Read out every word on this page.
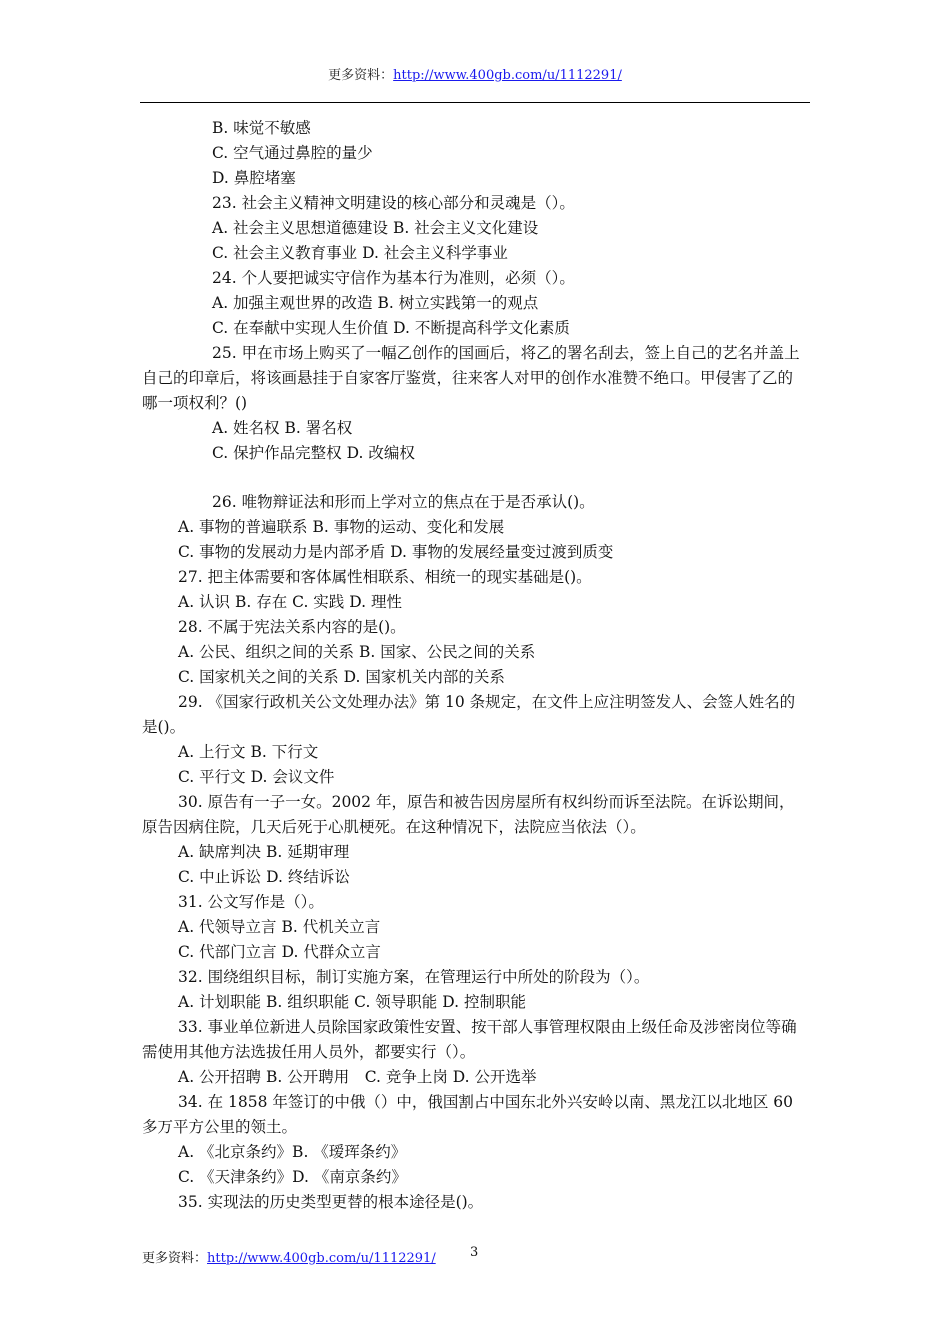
更多资料：http://www.400gb.com/u/1112291/

B. 味觉不敏感

C. 空气通过鼻腔的量少

D. 鼻腔堵塞

23. 社会主义精神文明建设的核心部分和灵魂是（）。

A. 社会主义思想道德建设 B. 社会主义文化建设

C. 社会主义教育事业 D. 社会主义科学事业

24. 个人要把诚实守信作为基本行为准则，必须（）。

A. 加强主观世界的改造 B. 树立实践第一的观点

C. 在奉献中实现人生价值 D. 不断提高科学文化素质

25. 甲在市场上购买了一幅乙创作的国画后，将乙的署名刮去，签上自己的艺名并盖上自己的印章后，将该画悬挂于自家客厅鉴赏，往来客人对甲的创作水准赞不绝口。甲侵害了乙的哪一项权利？()

A. 姓名权 B. 署名权

C. 保护作品完整权 D. 改编权

26. 唯物辩证法和形而上学对立的焦点在于是否承认()。

A. 事物的普遍联系 B. 事物的运动、变化和发展

C. 事物的发展动力是内部矛盾 D. 事物的发展经量变过渡到质变

27. 把主体需要和客体属性相联系、相统一的现实基础是()。

A. 认识 B. 存在 C. 实践 D. 理性

28. 不属于宪法关系内容的是()。

A. 公民、组织之间的关系 B. 国家、公民之间的关系

C. 国家机关之间的关系 D. 国家机关内部的关系

29. 《国家行政机关公文处理办法》第 10 条规定，在文件上应注明签发人、会签人姓名的是()。

A. 上行文 B. 下行文

C. 平行文 D. 会议文件

30. 原告有一子一女。2002 年，原告和被告因房屋所有权纠纷而诉至法院。在诉讼期间，原告因病住院，几天后死于心肌梗死。在这种情况下，法院应当依法（）。

A. 缺席判决 B. 延期审理

C. 中止诉讼 D. 终结诉讼

31. 公文写作是（）。

A. 代领导立言 B. 代机关立言

C. 代部门立言 D. 代群众立言

32. 围绕组织目标，制订实施方案，在管理运行中所处的阶段为（）。

A. 计划职能 B. 组织职能 C. 领导职能 D. 控制职能

33. 事业单位新进人员除国家政策性安置、按干部人事管理权限由上级任命及涉密岗位等确需使用其他方法选拔任用人员外，都要实行（）。

A. 公开招聘 B. 公开聘用　C. 竞争上岗 D. 公开选举

34. 在 1858 年签订的中俄（）中，俄国割占中国东北外兴安岭以南、黑龙江以北地区 60 多万平方公里的领土。

A. 《北京条约》B. 《瑷珲条约》

C. 《天津条约》D. 《南京条约》

35. 实现法的历史类型更替的根本途径是()。

更多资料：http://www.400gb.com/u/1112291/	3
